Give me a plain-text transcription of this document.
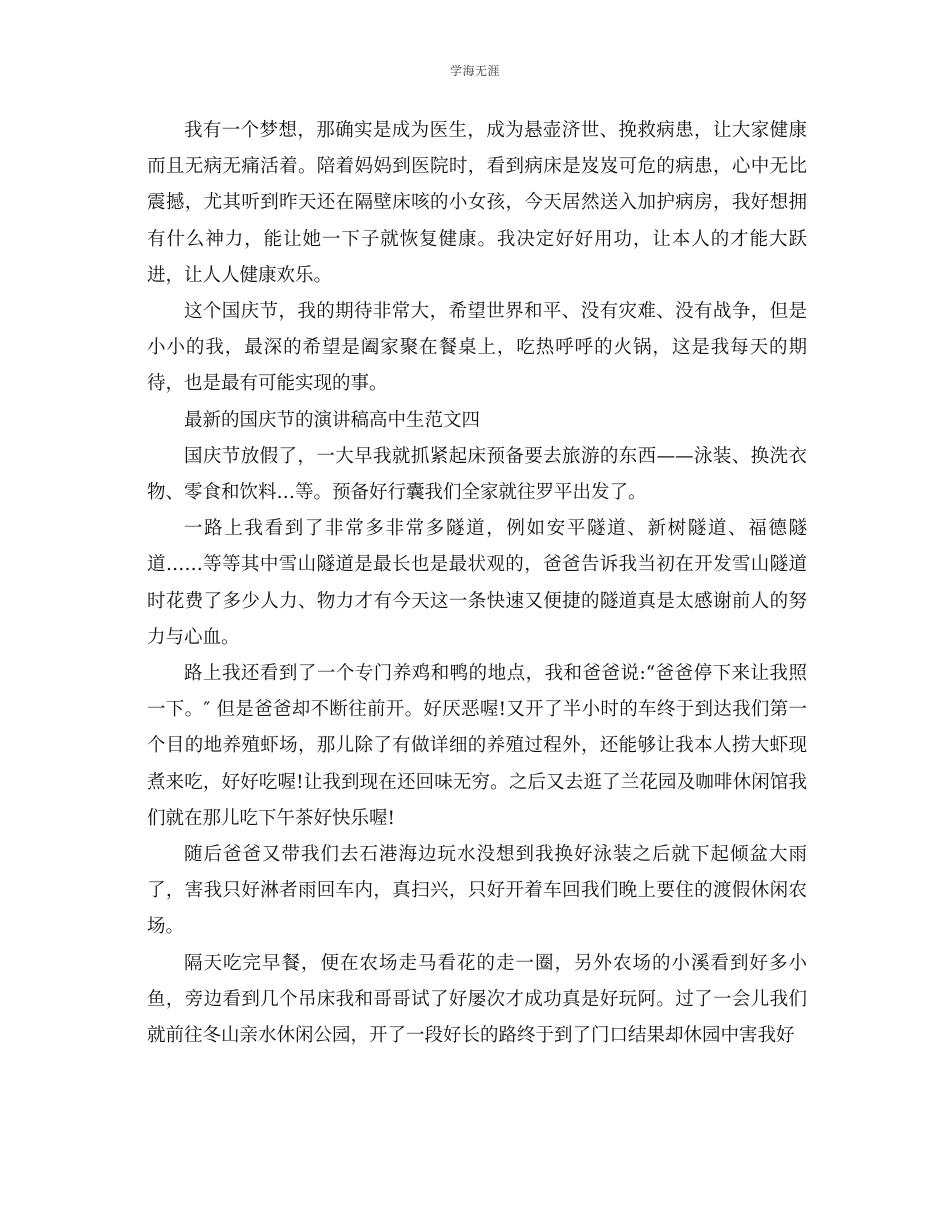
学海无涯

我有一个梦想，那确实是成为医生，成为悬壶济世、挽救病患，让大家健康而且无病无痛活着。陪着妈妈到医院时，看到病床是岌岌可危的病患，心中无比震撼，尤其听到昨天还在隔壁床咳的小女孩，今天居然送入加护病房，我好想拥有什么神力，能让她一下子就恢复健康。我决定好好用功，让本人的才能大跃进，让人人健康欢乐。

这个国庆节，我的期待非常大，希望世界和平、没有灾难、没有战争，但是小小的我，最深的希望是阖家聚在餐桌上，吃热呼呼的火锅，这是我每天的期待，也是最有可能实现的事。

最新的国庆节的演讲稿高中生范文四

国庆节放假了，一大早我就抓紧起床预备要去旅游的东西——泳装、换洗衣物、零食和饮料…等。预备好行囊我们全家就往罗平出发了。

一路上我看到了非常多非常多隧道，例如安平隧道、新树隧道、福德隧道……等等其中雪山隧道是最长也是最状观的，爸爸告诉我当初在开发雪山隧道时花费了多少人力、物力才有今天这一条快速又便捷的隧道真是太感谢前人的努力与心血。

路上我还看到了一个专门养鸡和鸭的地点，我和爸爸说:“爸爸停下来让我照一下。″ 但是爸爸却不断往前开。好厌恶喔!又开了半小时的车终于到达我们第一个目的地养殖虾场，那儿除了有做详细的养殖过程外，还能够让我本人捞大虾现煮来吃，好好吃喔!让我到现在还回味无穷。之后又去逛了兰花园及咖啡休闲馆我们就在那儿吃下午茶好快乐喔!

随后爸爸又带我们去石港海边玩水没想到我换好泳装之后就下起倾盆大雨了，害我只好淋者雨回车内，真扫兴，只好开着车回我们晚上要住的渡假休闲农场。

隔天吃完早餐，便在农场走马看花的走一圈，另外农场的小溪看到好多小鱼，旁边看到几个吊床我和哥哥试了好屡次才成功真是好玩阿。过了一会儿我们就前往冬山亲水休闲公园，开了一段好长的路终于到了门口结果却休园中害我好
